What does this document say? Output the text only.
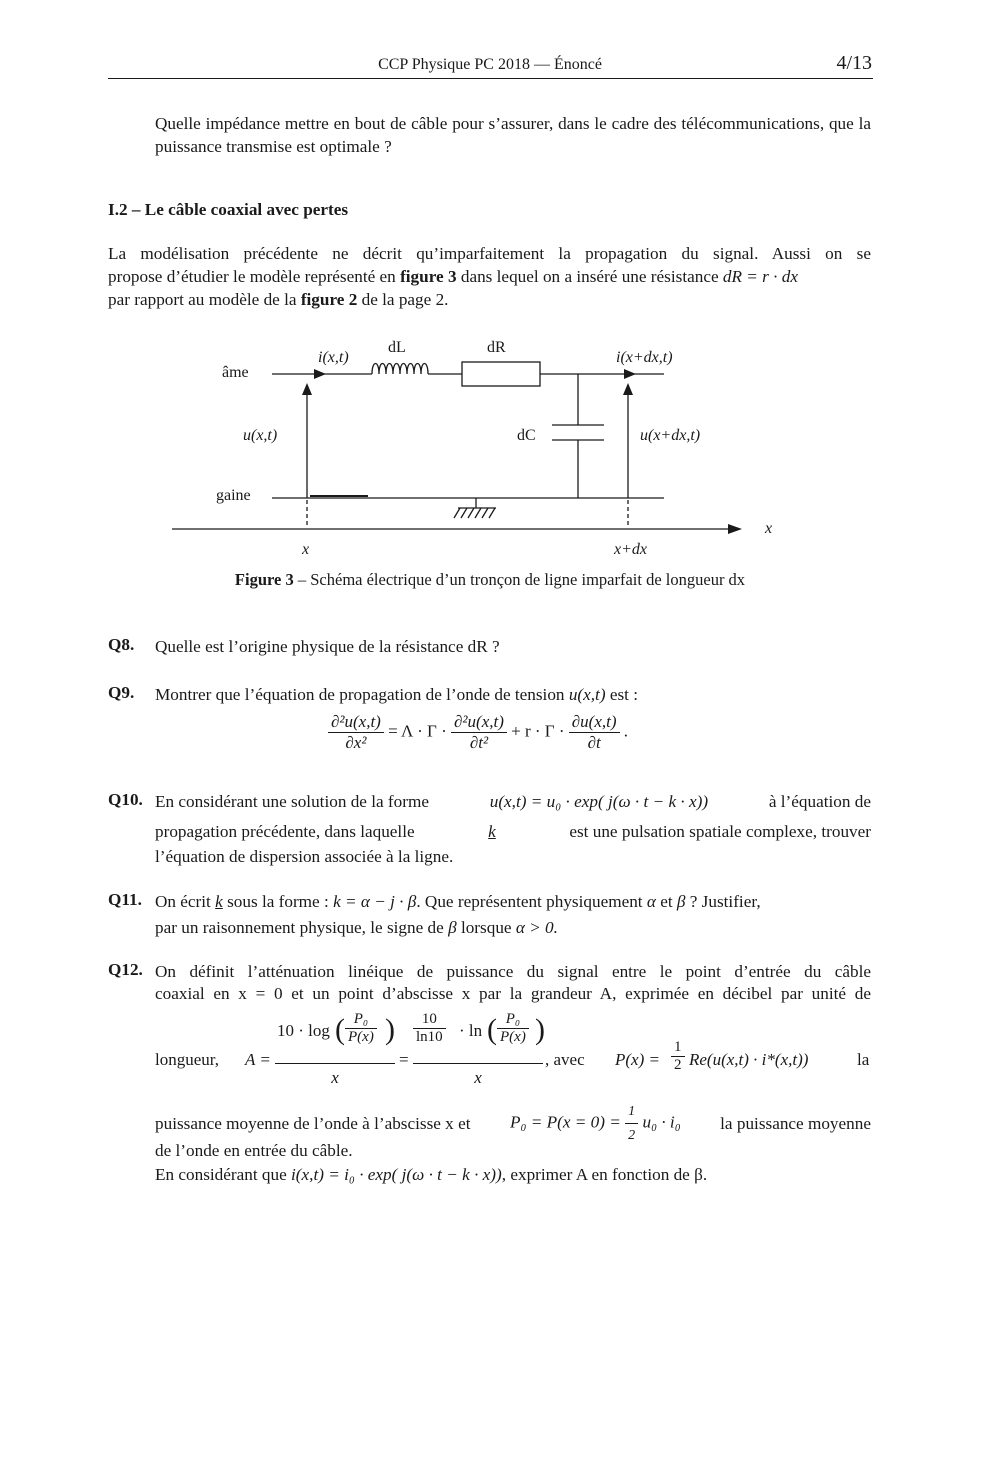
CCP Physique PC 2018 — Énoncé	4/13
Quelle impédance mettre en bout de câble pour s’assurer, dans le cadre des télécommunications, que la puissance transmise est optimale ?
I.2 – Le câble coaxial avec pertes
La modélisation précédente ne décrit qu’imparfaitement la propagation du signal. Aussi on se
propose d’étudier le modèle représenté en figure 3 dans lequel on a inséré une résistance dR = r · dx
par rapport au modèle de la figure 2 de la page 2.
âme
gaine
i(x,t)	i(x+dx,t)
u(x,t)	u(x+dx,t)
dL	dR
dC
x
x	x+dx
Figure 3 – Schéma électrique d’un tronçon de ligne imparfait de longueur dx
Q8. Quelle est l’origine physique de la résistance dR ?
Q9. Montrer que l’équation de propagation de l’onde de tension u(x,t) est :
$\frac{\text{∂²u(x,t)}}{\text{∂x²}} = \Lambda \cdot \Gamma \cdot \frac{\text{∂²u(x,t)}}{\text{∂t²}} + r \cdot \Gamma \cdot \frac{\partial u(x,t)}{\partial t}$ .
Q10. En considérant une solution de la forme	u(x,t) = u₀ · exp( j(ω · t − k · x))	à l’équation de
propagation précédente, dans laquelle	k	est une pulsation spatiale complexe, trouver
l’équation de dispersion associée à la ligne.
Q11. On écrit k sous la forme : k = α − j · β. Que représentent physiquement α et β ? Justifier,
par un raisonnement physique, le signe de β lorsque α > 0.
Q12. On définit l’atténuation linéique de puissance du signal entre le point d’entrée du câble
coaxial en x = 0 et un point d’abscisse x par la grandeur A, exprimée en décibel par unité de
longueur, A =
10 · log ( $\frac{\text{P₀}}{P(x)}$ )
x
=
$\frac{10}{\ln 10} \cdot \ln$ ( $\frac{\text{P₀}}{P(x)}$ )
x
, avec $P(x) = \frac{1}{2} Re(u(x,t) \cdot i*(x,t))$	la
puissance moyenne de l’onde à l’abscisse x et $P_0 = P(x = 0) = \frac{1}{2} u_0 \cdot i_0$ la puissance moyenne
de l’onde en entrée du câble.
En considérant que i(x,t) = i₀ · exp( j(ω · t − k · x)), exprimer A en fonction de β.
